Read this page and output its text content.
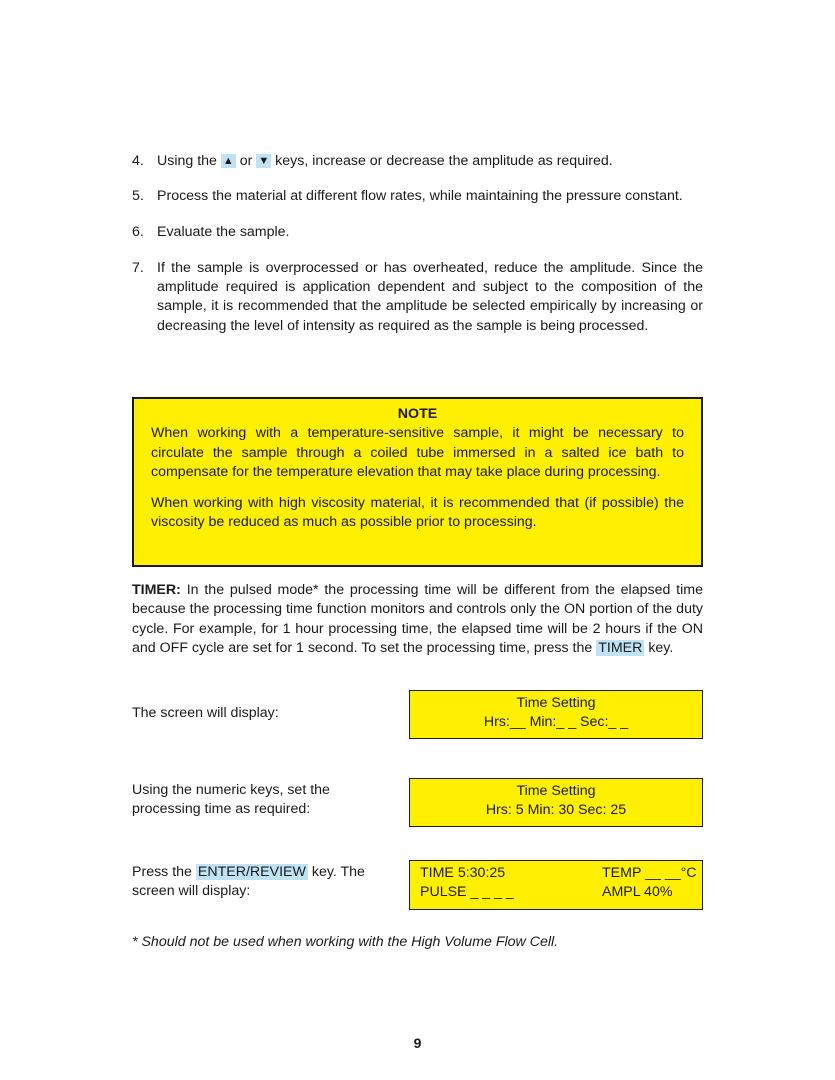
4. Using the ▲ or ▼ keys, increase or decrease the amplitude as required.
5. Process the material at different flow rates, while maintaining the pressure constant.
6. Evaluate the sample.
7. If the sample is overprocessed or has overheated, reduce the amplitude. Since the amplitude required is application dependent and subject to the composition of the sample, it is recommended that the amplitude be selected empirically by increasing or decreasing the level of intensity as required as the sample is being processed.
NOTE

When working with a temperature-sensitive sample, it might be necessary to circulate the sample through a coiled tube immersed in a salted ice bath to compensate for the temperature elevation that may take place during processing.

When working with high viscosity material, it is recommended that (if possible) the viscosity be reduced as much as possible prior to processing.

TIMER: In the pulsed mode* the processing time will be different from the elapsed time because the processing time function monitors and controls only the ON portion of the duty cycle. For example, for 1 hour processing time, the elapsed time will be 2 hours if the ON and OFF cycle are set for 1 second. To set the processing time, press the TIMER key.
The screen will display:
Time Setting
Hrs:__ Min:_ _ Sec:_ _
Using the numeric keys, set the
processing time as required:
Time Setting
Hrs: 5 Min: 30 Sec: 25
Press the ENTER/REVIEW key. The
screen will display:
TIME 5:30:25	TEMP __ __°C
PULSE _ _ _ _	AMPL 40%
* Should not be used when working with the High Volume Flow Cell.
9
